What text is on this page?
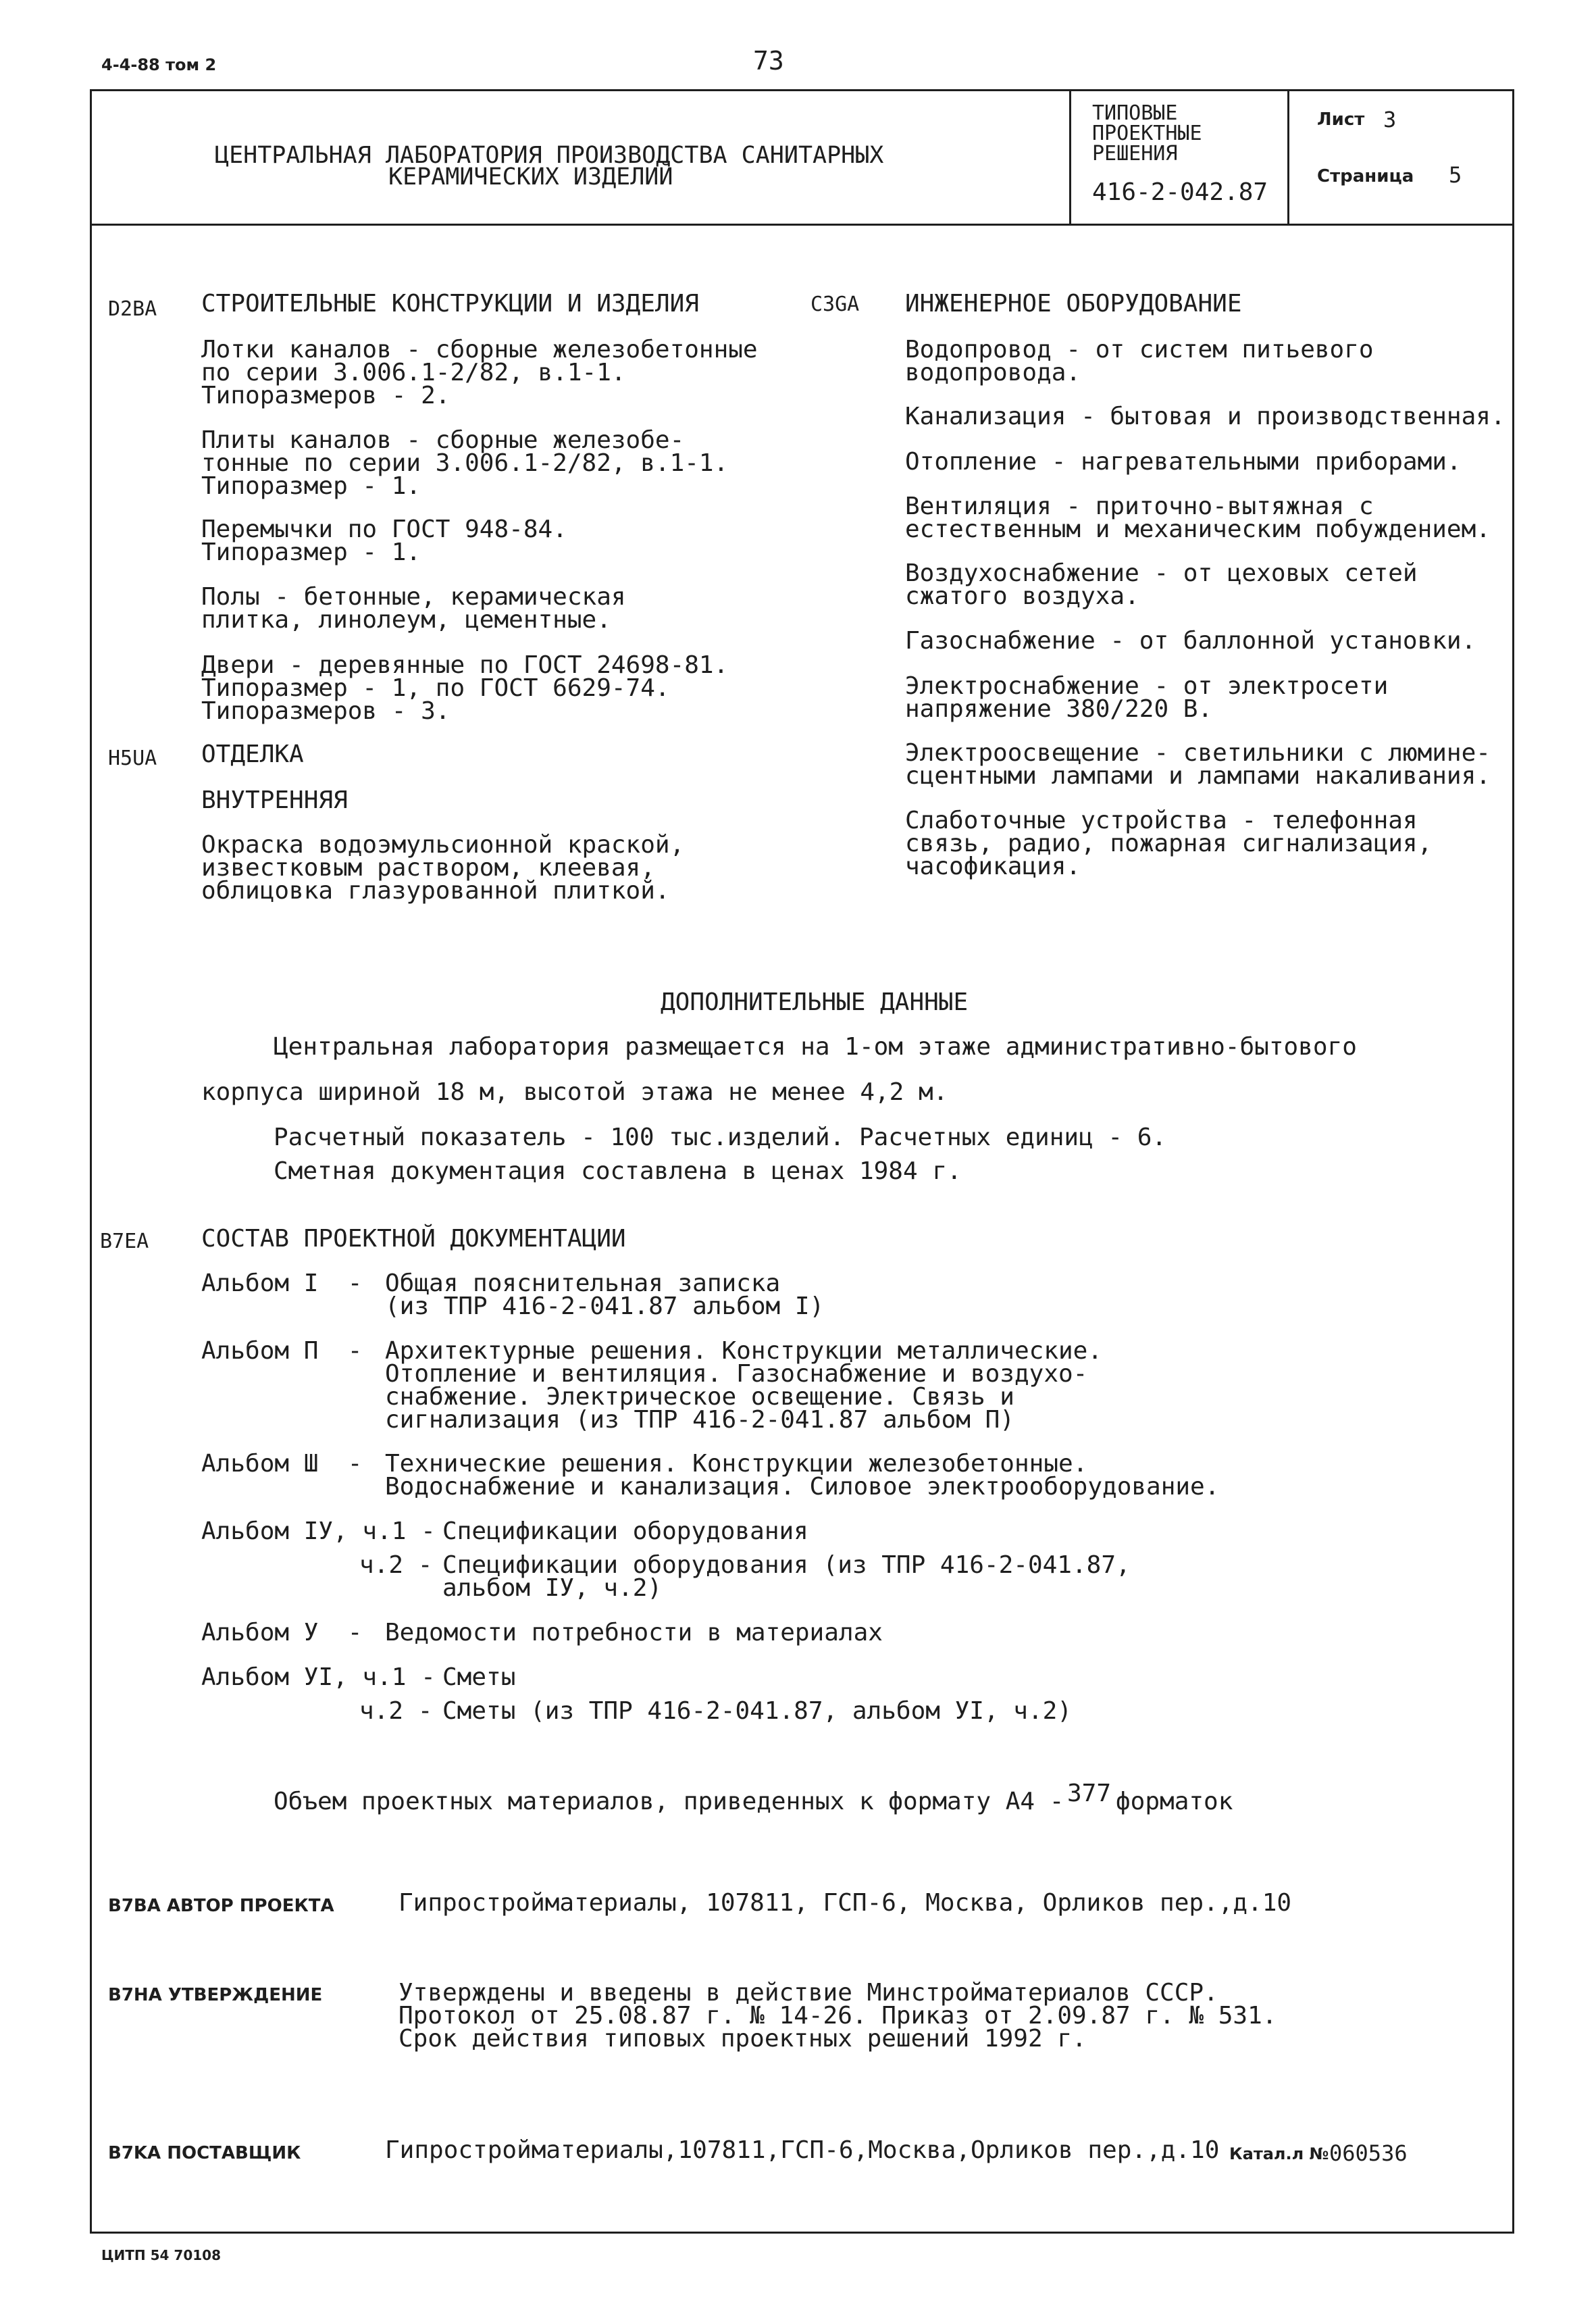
4-4-88 том 2	73
ЦЕНТРАЛЬНАЯ ЛАБОРАТОРИЯ ПРОИЗВОДСТВА САНИТАРНЫХ
КЕРАМИЧЕСКИХ ИЗДЕЛИЙ
ТИПОВЫЕ
ПРОЕКТНЫЕ
РЕШЕНИЯ
416-2-042.87
Лист 3
Страница 5
D2BA СТРОИТЕЛЬНЫЕ КОНСТРУКЦИИ И ИЗДЕЛИЯ
Лотки каналов - сборные железобетонные
по серии 3.006.1-2/82, в.1-1.
Типоразмеров - 2.
Плиты каналов - сборные железобе-
тонные по серии 3.006.1-2/82, в.1-1.
Типоразмер - 1.
Перемычки по ГОСТ 948-84.
Типоразмер - 1.
Полы - бетонные, керамическая
плитка, линолеум, цементные.
Двери - деревянные по ГОСТ 24698-81.
Типоразмер - 1, по ГОСТ 6629-74.
Типоразмеров - 3.
H5UA ОТДЕЛКА
ВНУТРЕННЯЯ
Окраска водоэмульсионной краской,
известковым раствором, клеевая,
облицовка глазурованной плиткой.
C3GA ИНЖЕНЕРНОЕ ОБОРУДОВАНИЕ
Водопровод - от систем питьевого
водопровода.
Канализация - бытовая и производственная.
Отопление - нагревательными приборами.
Вентиляция - приточно-вытяжная с
естественным и механическим побуждением.
Воздухоснабжение - от цеховых сетей
сжатого воздуха.
Газоснабжение - от баллонной установки.
Электроснабжение - от электросети
напряжение 380/220 В.
Электроосвещение - светильники с люмине-
сцентными лампами и лампами накаливания.
Слаботочные устройства - телефонная
связь, радио, пожарная сигнализация,
часофикация.
ДОПОЛНИТЕЛЬНЫЕ ДАННЫЕ
Центральная лаборатория размещается на 1-ом этаже административно-бытового
корпуса шириной 18 м, высотой этажа не менее 4,2 м.
Расчетный показатель - 100 тыс.изделий. Расчетных единиц - 6.
Сметная документация составлена в ценах 1984 г.
B7EA СОСТАВ ПРОЕКТНОЙ ДОКУМЕНТАЦИИ
Альбом I  - Общая пояснительная записка
(из ТПР 416-2-041.87 альбом I)
Альбом П  - Архитектурные решения. Конструкции металлические.
Отопление и вентиляция. Газоснабжение и воздухо-
снабжение. Электрическое освещение. Связь и
сигнализация (из ТПР 416-2-041.87 альбом П)
Альбом Ш  - Технические решения. Конструкции железобетонные.
Водоснабжение и канализация. Силовое электрооборудование.
Альбом IУ, ч.1 - Спецификации оборудования
ч.2 - Спецификации оборудования (из ТПР 416-2-041.87,
альбом IУ, ч.2)
Альбом У  - Ведомости потребности в материалах
Альбом УI, ч.1 - Сметы
ч.2 - Сметы (из ТПР 416-2-041.87, альбом УI, ч.2)
Объем проектных материалов, приведенных к формату А4 - 377 форматок
B7BA АВТОР ПРОЕКТА	Гипростройматериалы, 107811, ГСП-6, Москва, Орликов пер.,д.10
B7HA УТВЕРЖДЕНИЕ	Утверждены и введены в действие Минстройматериалов СССР.
Протокол от 25.08.87 г. № 14-26. Приказ от 2.09.87 г. № 531.
Срок действия типовых проектных решений 1992 г.
B7KA ПОСТАВЩИК	Гипростройматериалы,107811,ГСП-6,Москва,Орликов пер.,д.10 Катал.л № 060536
ЦИТП 54 70108
